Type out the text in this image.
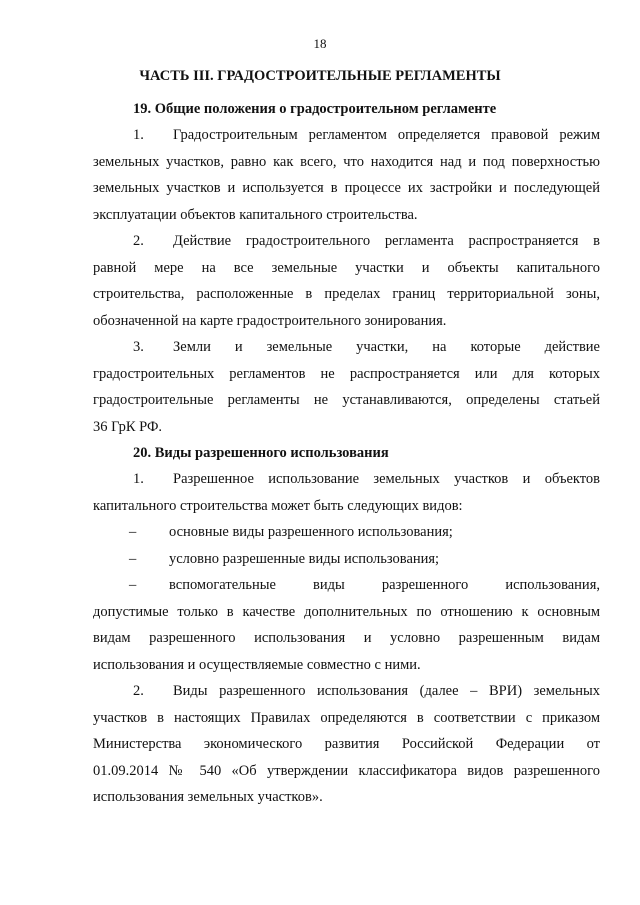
18
ЧАСТЬ III. ГРАДОСТРОИТЕЛЬНЫЕ РЕГЛАМЕНТЫ
19. Общие положения о градостроительном регламенте
1. Градостроительным регламентом определяется правовой режим
земельных участков, равно как всего, что находится над и под поверхностью
земельных участков и используется в процессе их застройки и последующей
эксплуатации объектов капитального строительства.
2. Действие градостроительного регламента распространяется в
равной мере на все земельные участки и объекты капитального
строительства, расположенные в пределах границ территориальной зоны,
обозначенной на карте градостроительного зонирования.
3. Земли и земельные участки, на которые действие
градостроительных регламентов не распространяется или для которых
градостроительные регламенты не устанавливаются, определены статьей
36 ГрК РФ.
20. Виды разрешенного использования
1. Разрешенное использование земельных участков и объектов
капитального строительства может быть следующих видов:
– основные виды разрешенного использования;
– условно разрешенные виды использования;
– вспомогательные виды разрешенного использования,
допустимые только в качестве дополнительных по отношению к основным
видам разрешенного использования и условно разрешенным видам
использования и осуществляемые совместно с ними.
2. Виды разрешенного использования (далее – ВРИ) земельных
участков в настоящих Правилах определяются в соответствии с приказом
Министерства экономического развития Российской Федерации от
01.09.2014 № 540 «Об утверждении классификатора видов разрешенного
использования земельных участков».
